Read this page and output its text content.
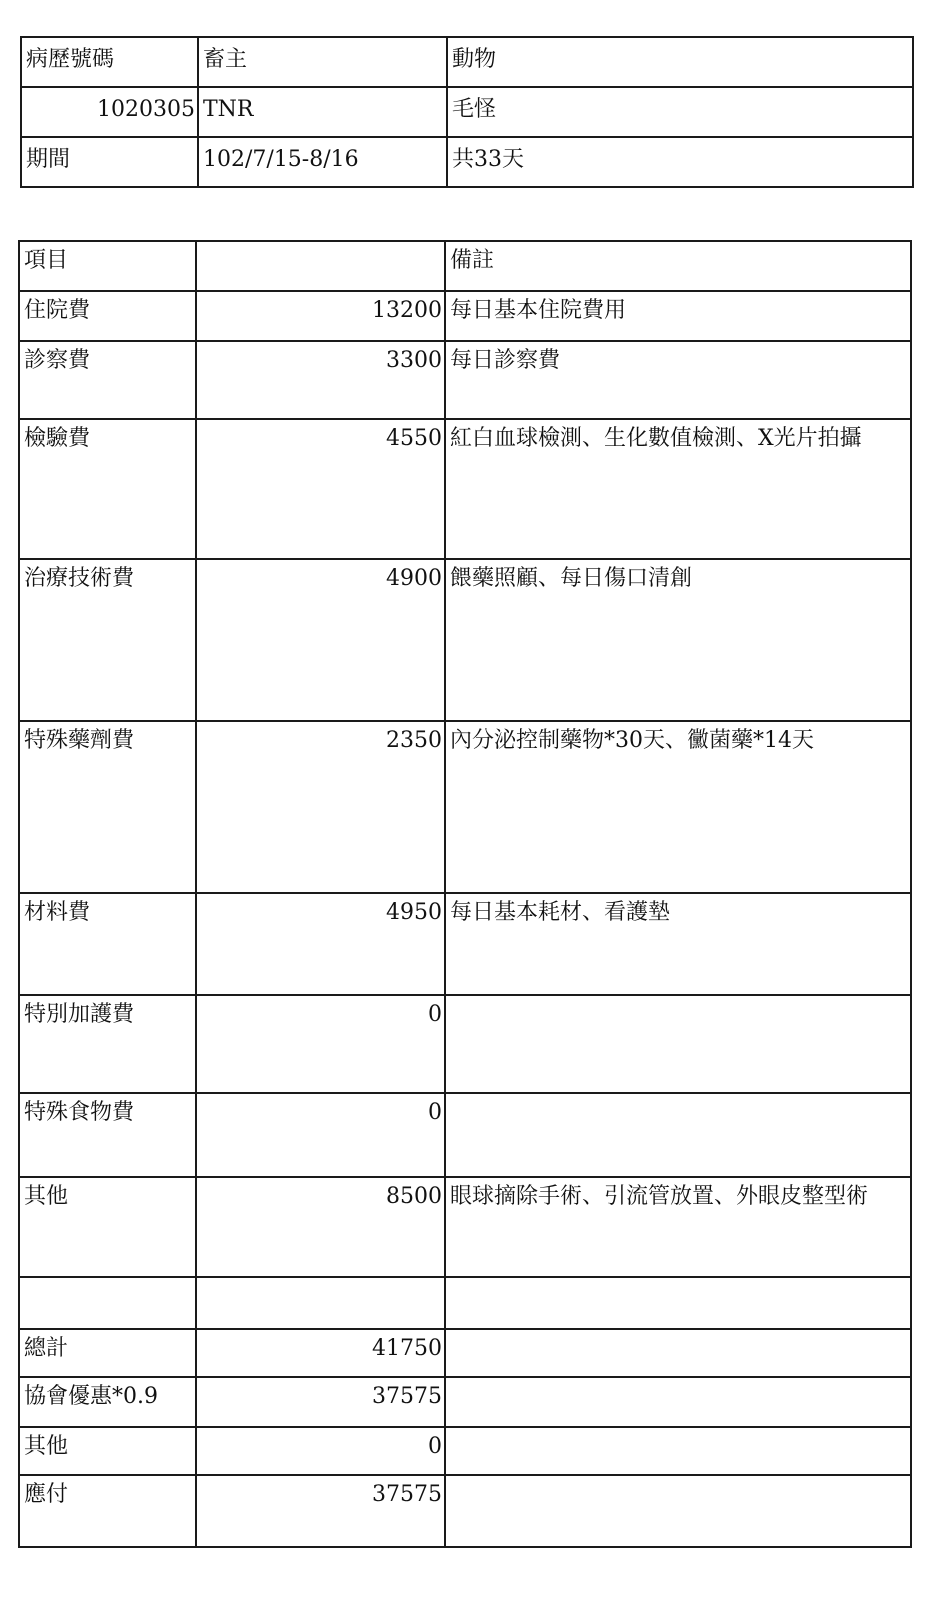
病歷號碼	畜主	動物
1020305	TNR	毛怪
期間	102/7/15-8/16	共33天
項目		備註
住院費	13200	每日基本住院費用
診察費	3300	每日診察費
檢驗費	4550	紅白血球檢測、生化數值檢測、X光片拍攝
治療技術費	4900	餵藥照顧、每日傷口清創
特殊藥劑費	2350	內分泌控制藥物*30天、黴菌藥*14天
材料費	4950	每日基本耗材、看護墊
特別加護費	0	
特殊食物費	0	
其他	8500	眼球摘除手術、引流管放置、外眼皮整型術

總計	41750	
協會優惠*0.9	37575	
其他	0	
應付	37575	
